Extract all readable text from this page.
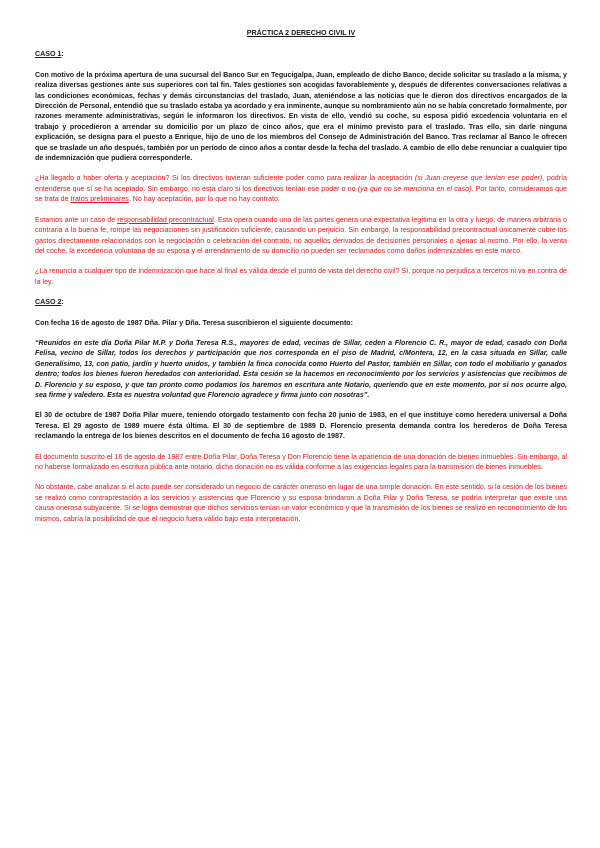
PRÁCTICA 2 DERECHO CIVIL IV
CASO 1:

Con motivo de la próxima apertura de una sucursal del Banco Sur en Tegucigalpa, Juan, empleado de dicho Banco, decide solicitar su traslado a la misma, y realiza diversas gestiones ante sus superiores con tal fin. Tales gestiones son acogidas favorablemente y, después de diferentes conversaciones relativas a las condiciones económicas, fechas y demás circunstancias del traslado, Juan, ateniéndose a las noticias que le dieron dos directivos encargados de la Dirección de Personal, entendió que su traslado estaba ya acordado y era inminente, aunque su nombramiento aún no se había concretado formalmente, por razones meramente administrativas, según le informaron los directivos. En vista de ello, vendió su coche, su esposa pidió excedencia voluntaria en el trabajo y procedieron a arrendar su domicilio por un plazo de cinco años, que era el mínimo previsto para el traslado. Tras ello, sin darle ninguna explicación, se designa para el puesto a Enrique, hijo de uno de los miembros del Consejo de Administración del Banco. Tras reclamar al Banco le ofrecen que se traslade un año después, también por un período de cinco años a contar desde la fecha del traslado. A cambio de ello debe renunciar a cualquier tipo de indemnización que pudiera corresponderle.

¿Ha llegado a haber oferta y aceptación? Si los directivos tuvieran suficiente poder como para realizar la aceptación (si Juan creyese que tenían ese poder), podría entenderse que sí se ha aceptado. Sin embargo, no está claro si los directivos tenían ese poder o no (ya que no se menciona en el caso). Por tanto, consideramos que se trata de tratos preliminares. No hay aceptación, por lo que no hay contrato.

Estamos ante un caso de responsabilidad precontractual. Esta opera cuando una de las partes genera una expectativa legítima en la otra y luego, de manera arbitraria o contraria a la buena fe, rompe las negociaciones sin justificación suficiente, causando un perjuicio. Sin embargo, la responsabilidad precontractual únicamente cubre los gastos directamente relacionados con la negociación o celebración del contrato, no aquellos derivados de decisiones personales o ajenas al mismo. Por ello, la venta del coche, la excedencia voluntaria de su esposa y el arrendamiento de su domicilio no pueden ser reclamados como daños indemnizables en este marco.

¿La renuncia a cualquier tipo de indemnización que hace al final es válida desde el punto de vista del derecho civil? Sí, porque no perjudica a terceros ni va en contra de la ley.

CASO 2:

Con fecha 16 de agosto de 1987 Dña. Pilar y Dña. Teresa suscribieron el siguiente documento:

“Reunidos en este día Doña Pilar M.P. y Doña Teresa R.S., mayores de edad, vecinas de Sillar, ceden a Florencio C. R., mayor de edad, casado con Doña Felisa, vecino de Sillar, todos los derechos y participación que nos corresponda en el piso de Madrid, c/Montera, 12, en la casa situada en Sillar, calle Generalísimo, 13, con patio, jardín y huerto unidos, y también la finca conocida como Huerto del Pastor, también en Sillar, con todo el mobiliario y ganados dentro; todos los bienes fueron heredados con anterioridad. Esta cesión se la hacemos en reconocimiento por los servicios y asistencias que recibimos de D. Florencio y su esposo, y que tan pronto como podamos los haremos en escritura ante Notario, queriendo que en este momento, por si nos ocurre algo, sea firme y valedero. Esta es nuestra voluntad que Florencio agradece y firma junto con nosotras”.

El 30 de octubre de 1987 Doña Pilar muere, teniendo otorgado testamento con fecha 20 junio de 1983, en el que instituye como heredera universal a Doña Teresa. El 29 agosto de 1989 muere ésta última. El 30 de septiembre de 1989 D. Florencio presenta demanda contra los herederos de Doña Teresa reclamando la entrega de los bienes descritos en el documento de fecha 16 agosto de 1987.

El documento suscrito el 16 de agosto de 1987 entre Doña Pilar, Doña Teresa y Don Florencio tiene la apariencia de una donación de bienes inmuebles. Sin embargo, al no haberse formalizado en escritura pública ante notario, dicha donación no es válida conforme a las exigencias legales para la transmisión de bienes inmuebles.

No obstante, cabe analizar si el acto puede ser considerado un negocio de carácter oneroso en lugar de una simple donación. En este sentido, si la cesión de los bienes se realizó como contraprestación a los servicios y asistencias que Florencio y su esposa brindaron a Doña Pilar y Doña Teresa, se podría interpretar que existe una causa onerosa subyacente. Si se logra demostrar que dichos servicios tenían un valor económico y que la transmisión de los bienes se realizó en reconocimiento de los mismos, cabría la posibilidad de que el negocio fuera válido bajo esta interpretación.
